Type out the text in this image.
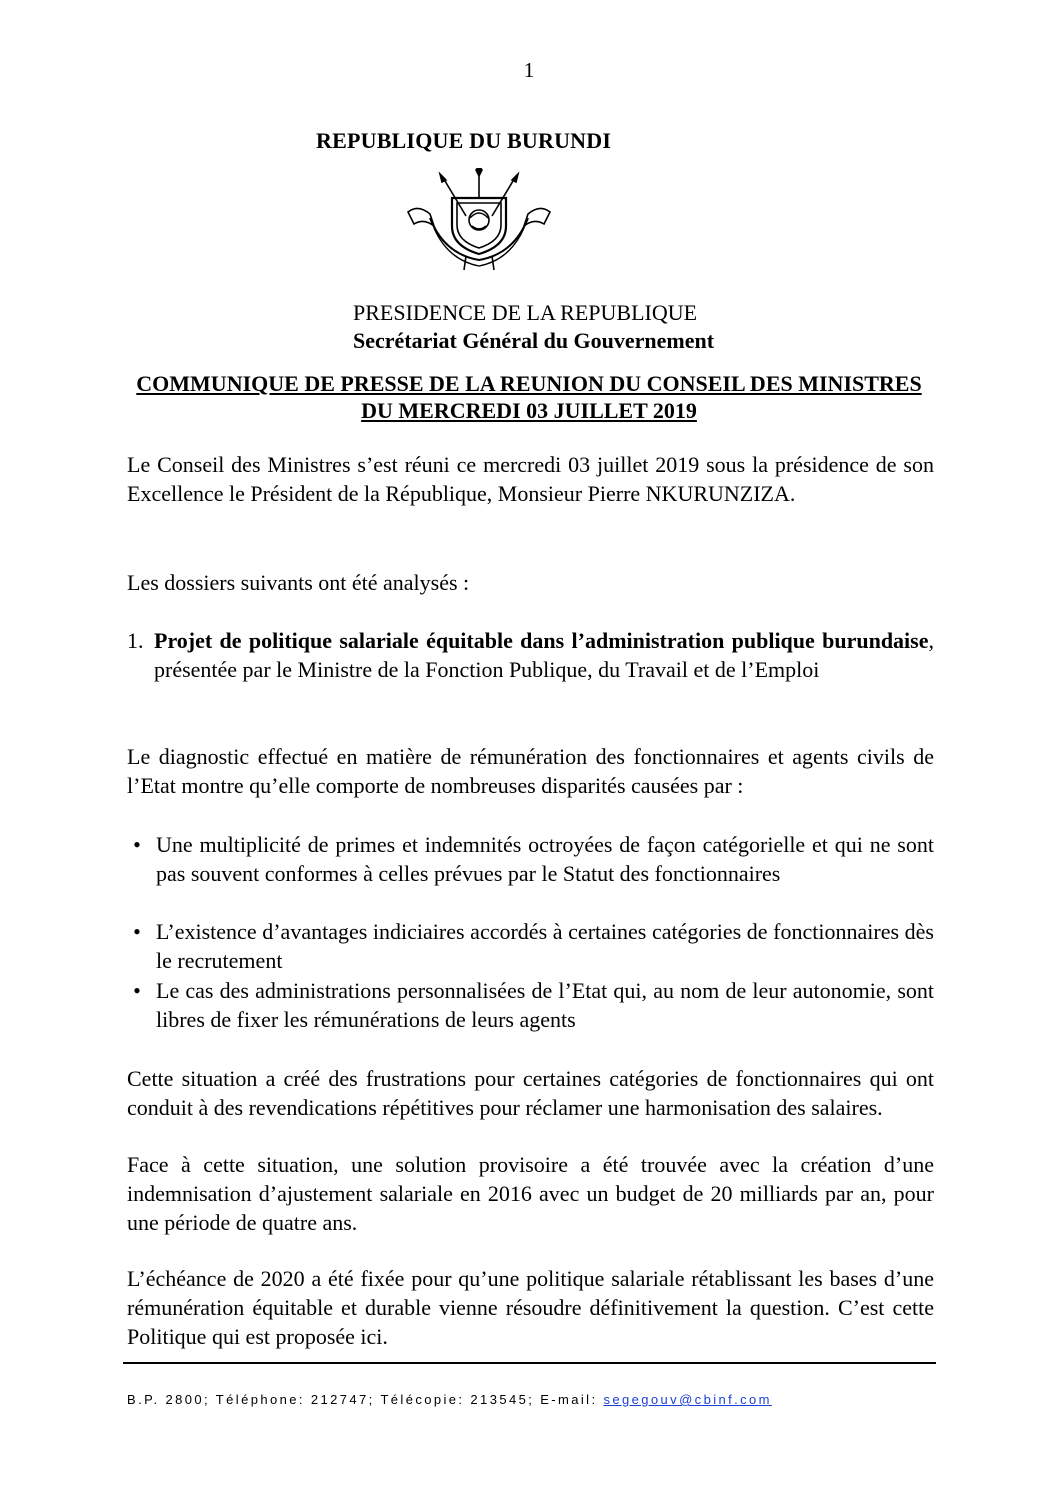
1
REPUBLIQUE DU BURUNDI
PRESIDENCE DE LA REPUBLIQUE
Secrétariat Général du Gouvernement
COMMUNIQUE DE PRESSE DE LA REUNION DU CONSEIL DES MINISTRES DU MERCREDI 03 JUILLET 2019
Le Conseil des Ministres s’est réuni ce mercredi 03 juillet 2019 sous la présidence de son Excellence le Président de la République, Monsieur Pierre NKURUNZIZA.
Les dossiers suivants ont été analysés :
1. Projet de politique salariale équitable dans l’administration publique burundaise, présentée par le Ministre de la Fonction Publique, du Travail et de l’Emploi
Le diagnostic effectué en matière de rémunération des fonctionnaires et agents civils de l’Etat montre qu’elle comporte de nombreuses disparités causées par :
• Une multiplicité de primes et indemnités octroyées de façon catégorielle et qui ne sont pas souvent conformes à celles prévues par le Statut des fonctionnaires
• L’existence d’avantages indiciaires accordés à certaines catégories de fonctionnaires dès le recrutement
• Le cas des administrations personnalisées de l’Etat qui, au nom de leur autonomie, sont libres de fixer les rémunérations de leurs agents
Cette situation a créé des frustrations pour certaines catégories de fonctionnaires qui ont conduit à des revendications répétitives pour réclamer une harmonisation des salaires.
Face à cette situation, une solution provisoire a été trouvée avec la création d’une indemnisation d’ajustement salariale en 2016 avec un budget de 20 milliards par an, pour une période de quatre ans.
L’échéance de 2020 a été fixée pour qu’une politique salariale rétablissant les bases d’une rémunération équitable et durable vienne résoudre définitivement la question. C’est cette Politique qui est proposée ici.
B.P. 2800; Téléphone: 212747; Télécopie: 213545; E-mail: segegouv@cbinf.com
